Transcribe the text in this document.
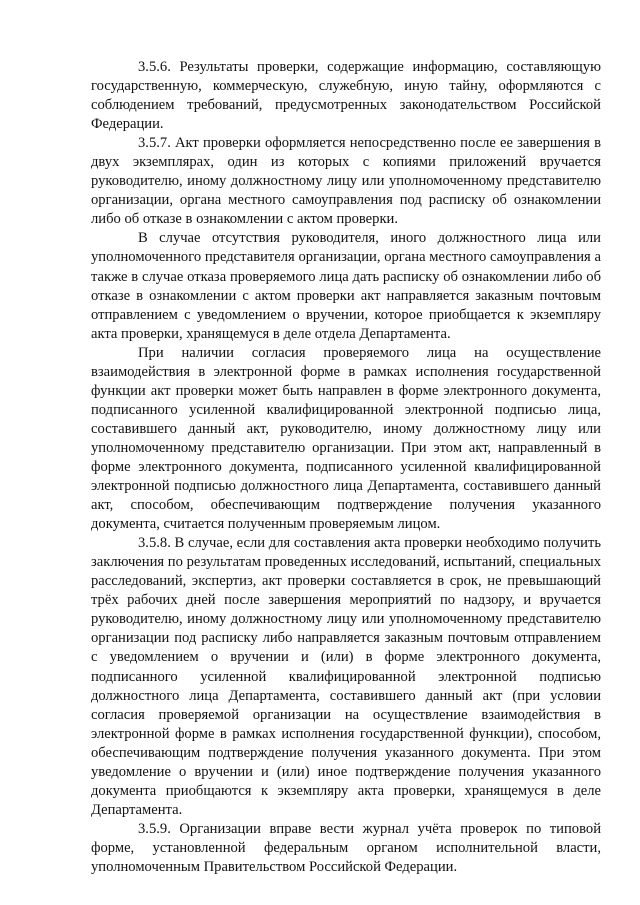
3.5.6. Результаты проверки, содержащие информацию, составляющую государственную, коммерческую, служебную, иную тайну, оформляются с соблюдением требований, предусмотренных законодательством Российской Федерации.

3.5.7. Акт проверки оформляется непосредственно после ее завершения в двух экземплярах, один из которых с копиями приложений вручается руководителю, иному должностному лицу или уполномоченному представителю организации, органа местного самоуправления под расписку об ознакомлении либо об отказе в ознакомлении с актом проверки.

В случае отсутствия руководителя, иного должностного лица или уполномоченного представителя организации, органа местного самоуправления а также в случае отказа проверяемого лица дать расписку об ознакомлении либо об отказе в ознакомлении с актом проверки акт направляется заказным почтовым отправлением с уведомлением о вручении, которое приобщается к экземпляру акта проверки, хранящемуся в деле отдела Департамента.

При наличии согласия проверяемого лица на осуществление взаимодействия в электронной форме в рамках исполнения государственной функции акт проверки может быть направлен в форме электронного документа, подписанного усиленной квалифицированной электронной подписью лица, составившего данный акт, руководителю, иному должностному лицу или уполномоченному представителю организации. При этом акт, направленный в форме электронного документа, подписанного усиленной квалифицированной электронной подписью должностного лица Департамента, составившего данный акт, способом, обеспечивающим подтверждение получения указанного документа, считается полученным проверяемым лицом.

3.5.8. В случае, если для составления акта проверки необходимо получить заключения по результатам проведенных исследований, испытаний, специальных расследований, экспертиз, акт проверки составляется в срок, не превышающий трёх рабочих дней после завершения мероприятий по надзору, и вручается руководителю, иному должностному лицу или уполномоченному представителю организации под расписку либо направляется заказным почтовым отправлением с уведомлением о вручении и (или) в форме электронного документа, подписанного усиленной квалифицированной электронной подписью должностного лица Департамента, составившего данный акт (при условии согласия проверяемой организации на осуществление взаимодействия в электронной форме в рамках исполнения государственной функции), способом, обеспечивающим подтверждение получения указанного документа. При этом уведомление о вручении и (или) иное подтверждение получения указанного документа приобщаются к экземпляру акта проверки, хранящемуся в деле Департамента.

3.5.9. Организации вправе вести журнал учёта проверок по типовой форме, установленной федеральным органом исполнительной власти, уполномоченным Правительством Российской Федерации.
